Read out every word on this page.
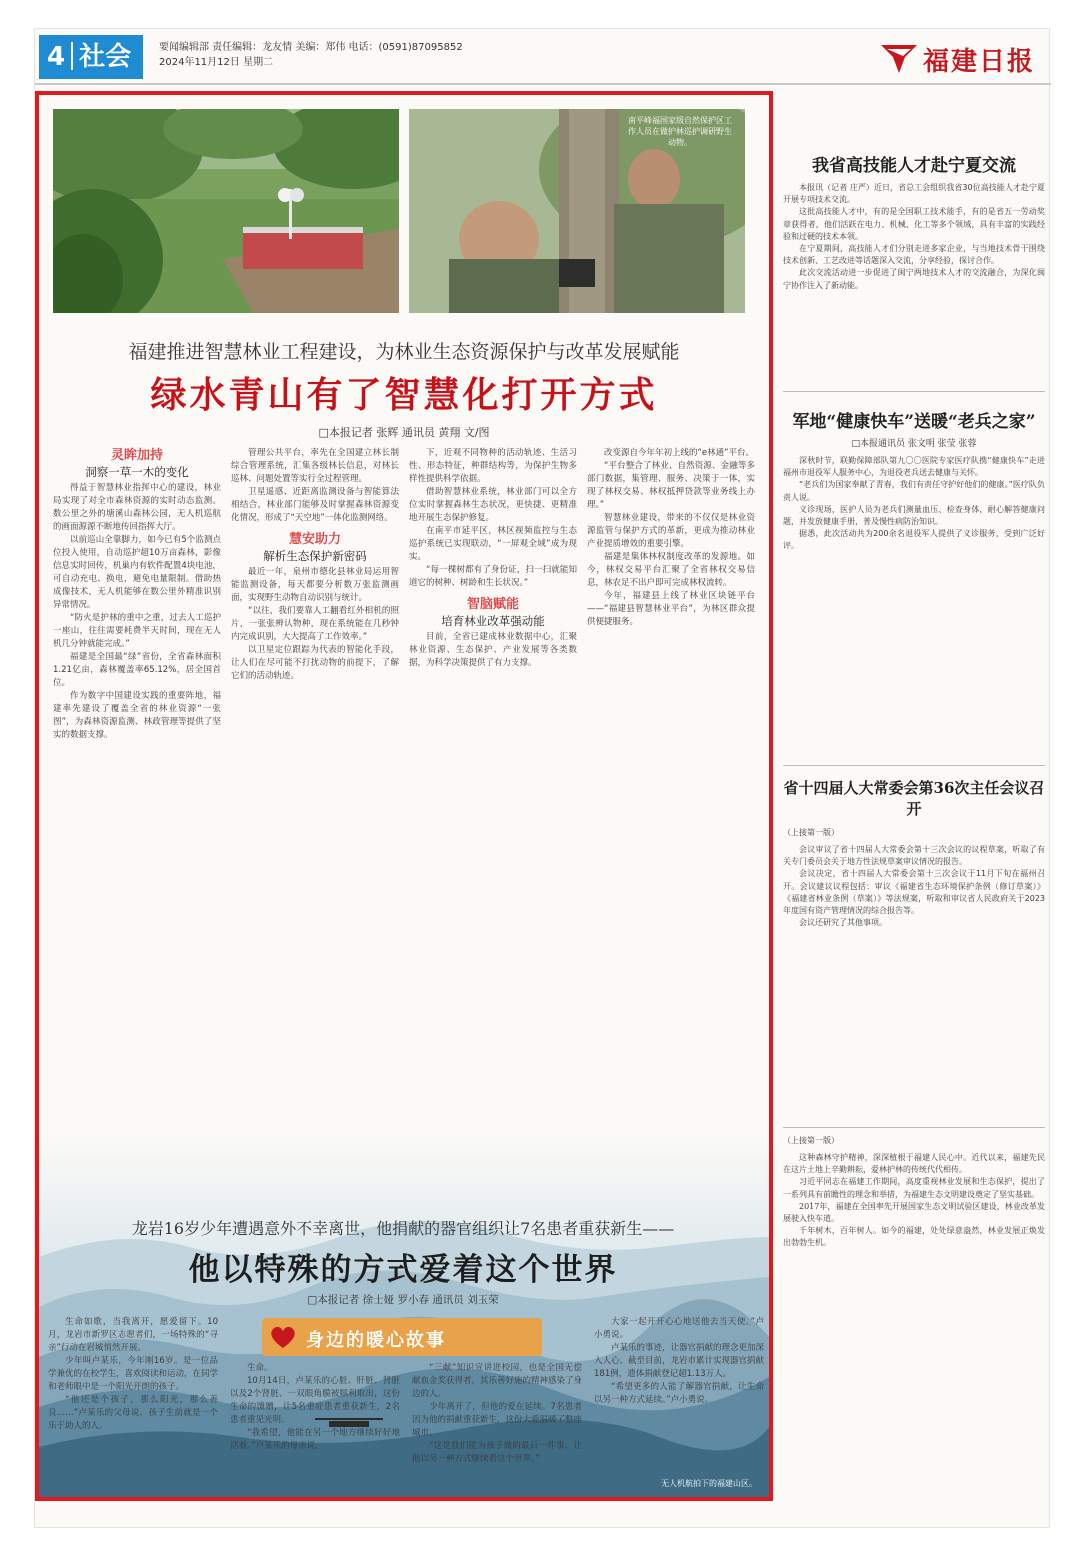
4 社会	要闻编辑部 责任编辑：龙友情 美编：郑伟 电话：(0591)87095852
2024年11月12日 星期二	福建日报
南平峰福国家级自然保护区工作人员在做护林巡护调研野生动物。
福建推进智慧林业工程建设，为林业生态资源保护与改革发展赋能
绿水青山有了智慧化打开方式
□本报记者 张辉 通讯员 黄翔 文/图
灵眸加持
洞察一草一木的变化

得益于智慧林业指挥中心的建设，林业局实现了对全市森林资源的实时动态监测。数公里之外的塘溪山森林公园，无人机巡航的画面源源不断地传回指挥大厅。

以前巡山全靠脚力，如今已有5个监测点位投入使用，自动巡护超10万亩森林，影像信息实时回传，机巢内有软件配置4块电池，可自动充电、换电，避免电量限制。借助热成像技术，无人机能够在数公里外精准识别异常情况。

“防火是护林的重中之重，过去人工巡护一座山，往往需要耗费半天时间，现在无人机几分钟就能完成。”

福建是全国最“绿”省份，全省森林面积1.21亿亩，森林覆盖率65.12%，居全国首位。

作为数字中国建设实践的重要阵地，福建率先建设了覆盖全省的林业资源“一张图”，为森林资源监测、林政管理等提供了坚实的数据支撑。

管理公共平台，率先在全国建立林长制综合管理系统，汇集各级林长信息，对林长巡林、问题处置等实行全过程管理。

卫星遥感、近距离监测设备与智能算法相结合，林业部门能够及时掌握森林资源变化情况，形成了“天空地”一体化监测网络。

慧安助力
解析生态保护新密码

最近一年，泉州市德化县林业局运用智能监测设备，每天都要分析数万张监测画面，实现野生动物自动识别与统计。

“以往，我们要靠人工翻看红外相机的照片，一张张辨认物种，现在系统能在几秒钟内完成识别，大大提高了工作效率。”

以卫星定位跟踪为代表的智能化手段，让人们在尽可能不打扰动物的前提下，了解它们的活动轨迹。

下，近观不同物种的活动轨迹、生活习性、形态特征，种群结构等，为保护生物多样性提供科学依据。

借助智慧林业系统，林业部门可以全方位实时掌握森林生态状况，更快捷、更精准地开展生态保护修复。

在南平市延平区，林区视频监控与生态巡护系统已实现联动，“一屏观全域”成为现实。

“每一棵树都有了身份证，扫一扫就能知道它的树种、树龄和生长状况。”

智脑赋能
培育林业改革强动能

目前，全省已建成林业数据中心，汇聚林业资源、生态保护、产业发展等各类数据，为科学决策提供了有力支撑。

改变源自今年年初上线的“e林通”平台。

“平台整合了林业、自然资源、金融等多部门数据，集管理、服务、决策于一体，实现了林权交易、林权抵押贷款等业务线上办理。”

智慧林业建设，带来的不仅仅是林业资源监管与保护方式的革新，更成为推动林业产业提质增效的重要引擎。

福建是集体林权制度改革的发源地。如今，林权交易平台汇聚了全省林权交易信息，林农足不出户即可完成林权流转。

今年，福建县上线了林业区块链平台——“福建县智慧林业平台”，为林区群众提供便捷服务。

无人机航拍下的福建山区。
我省高技能人才赴宁夏交流

本报讯（记者 庄严）近日，省总工会组织我省30位高技能人才赴宁夏开展专项技术交流。

这批高技能人才中，有的是全国职工技术能手，有的是省五一劳动奖章获得者，他们活跃在电力、机械、化工等多个领域，具有丰富的实践经验和过硬的技术本领。

在宁夏期间，高技能人才们分别走进多家企业，与当地技术骨干围绕技术创新、工艺改进等话题深入交流，分享经验，探讨合作。

此次交流活动进一步促进了闽宁两地技术人才的交流融合，为深化闽宁协作注入了新动能。

军地“健康快车”送暖“老兵之家”
□本报通讯员 张文明 张莹 张蓉

深秋时节，联勤保障部队第九〇〇医院专家医疗队携“健康快车”走进福州市退役军人服务中心，为退役老兵送去健康与关怀。

“老兵们为国家奉献了青春，我们有责任守护好他们的健康。”医疗队负责人说。

义诊现场，医护人员为老兵们测量血压、检查身体，耐心解答健康问题，并发放健康手册，普及慢性病防治知识。

据悉，此次活动共为200余名退役军人提供了义诊服务，受到广泛好评。

省十四届人大常委会第36次主任会议召开
（上接第一版）

会议审议了省十四届人大常委会第十三次会议的议程草案，听取了有关专门委员会关于地方性法规草案审议情况的报告。

会议决定，省十四届人大常委会第十三次会议于11月下旬在福州召开。会议建议议程包括：审议《福建省生态环境保护条例（修订草案）》《福建省林业条例（草案）》等法规案，听取和审议省人民政府关于2023年度国有资产管理情况的综合报告等。

会议还研究了其他事项。

（上接第一版）

这种森林守护精神，深深植根于福建人民心中。近代以来，福建先民在这片土地上辛勤耕耘，爱林护林的传统代代相传。

习近平同志在福建工作期间，高度重视林业发展和生态保护，提出了一系列具有前瞻性的理念和举措，为福建生态文明建设奠定了坚实基础。

2017年，福建在全国率先开展国家生态文明试验区建设，林业改革发展驶入快车道。

千年树木，百年树人。如今的福建，处处绿意盎然，林业发展正焕发出勃勃生机。

龙岩16岁少年遭遇意外不幸离世，他捐献的器官组织让7名患者重获新生——
他以特殊的方式爱着这个世界
□本报记者 徐士娅 罗小春 通讯员 刘玉荣

生命如歌，当我离开，愿爱留下。10月，龙岩市新罗区志愿者们，一场特殊的“寻亲”行动在岩城悄然开展。

少年叫卢某乐，今年刚16岁。是一位品学兼优的在校学生，喜欢阅读和运动，在同学和老师眼中是一个阳光开朗的孩子。

“他还是个孩子，那么阳光，那么善良……”卢某乐的父母说，孩子生前就是一个乐于助人的人。

身边的暖心故事

生命。

10月14日，卢某乐的心脏、肝脏、肾脏以及2个肾脏、一双眼角膜被顺利取出，这份生命的馈赠，让5名重症患者重获新生，2名患者重见光明。

“我希望，他能在另一个地方继续好好地活着。”卢某乐的母亲说。

“三献”知识宣讲进校园，也是全国无偿献血金奖获得者，其乐善好施的精神感染了身边的人。

少年离开了，但他的爱在延续。7名患者因为他的捐献重获新生，这份大爱温暖了整座城市。

“这是我们能为孩子做的最后一件事，让他以另一种方式继续看这个世界。”

大家一起开开心心地送他去当天使。”卢小勇说。

卢某乐的事迹，让器官捐献的理念更加深入人心。截至目前，龙岩市累计实现器官捐献181例，遗体捐献登记超1.13万人。

“希望更多的人能了解器官捐献，让生命以另一种方式延续。”卢小勇说。
